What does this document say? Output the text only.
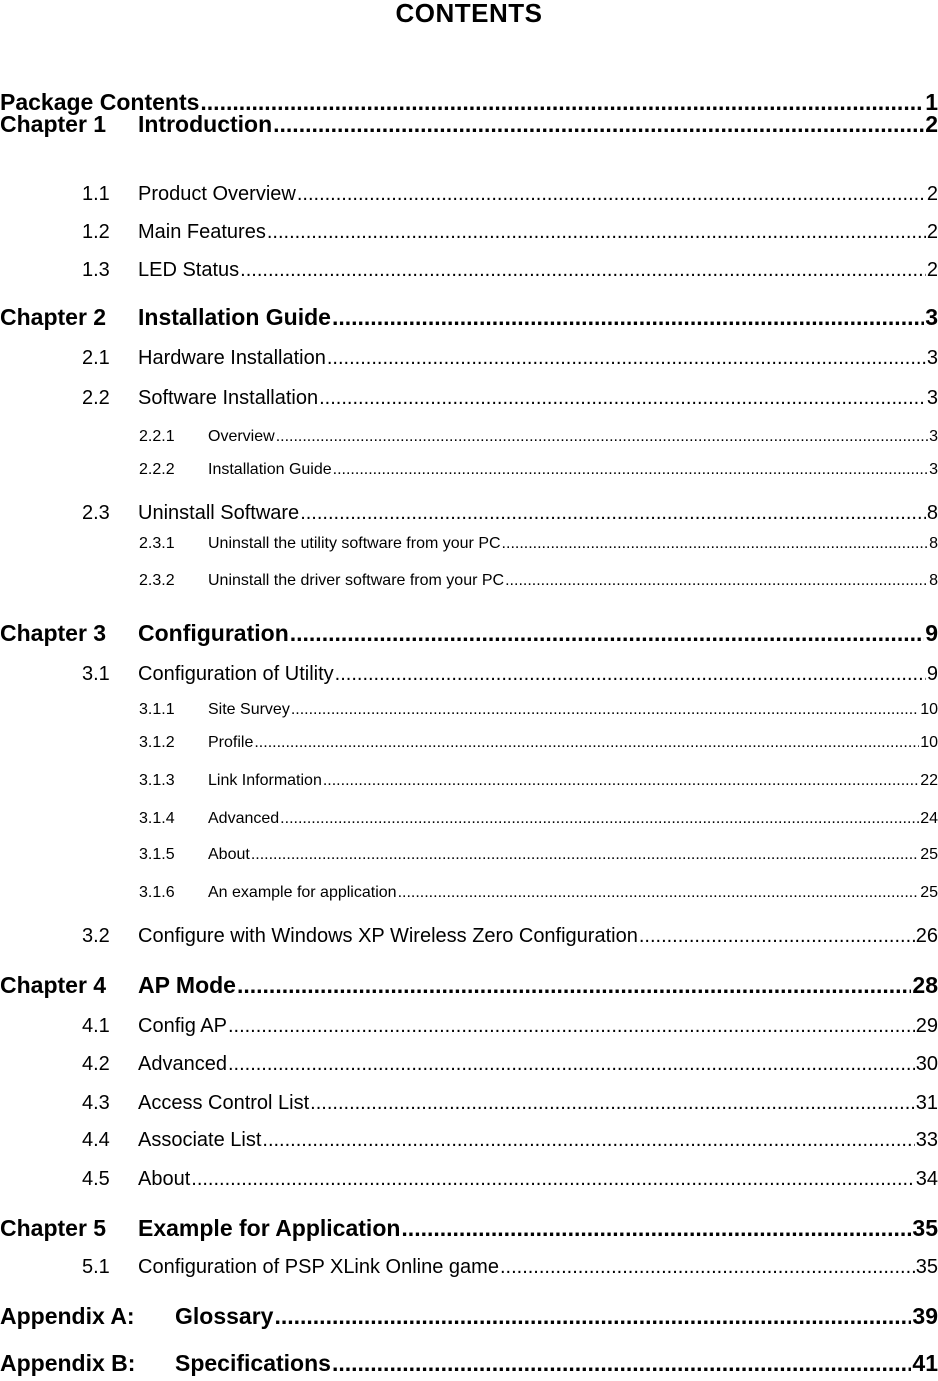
CONTENTS
Package Contents .....	1
Chapter 1	Introduction .....	2
1.1	Product Overview .....	2
1.2	Main Features .....	2
1.3	LED Status .....	2
Chapter 2	Installation Guide .....	3
2.1	Hardware Installation .....	3
2.2	Software Installation .....	3
2.2.1	Overview .....	3
2.2.2	Installation Guide .....	3
2.3	Uninstall Software .....	8
2.3.1	Uninstall the utility software from your PC .....	8
2.3.2	Uninstall the driver software from your PC .....	8
Chapter 3	Configuration .....	9
3.1	Configuration of Utility .....	9
3.1.1	Site Survey .....	10
3.1.2	Profile .....	10
3.1.3	Link Information .....	22
3.1.4	Advanced .....	24
3.1.5	About .....	25
3.1.6	An example for application .....	25
3.2	Configure with Windows XP Wireless Zero Configuration .....	26
Chapter 4	AP Mode .....	28
4.1	Config AP .....	29
4.2	Advanced .....	30
4.3	Access Control List .....	31
4.4	Associate List .....	33
4.5	About .....	34
Chapter 5	Example for Application .....	35
5.1	Configuration of PSP XLink Online game .....	35
Appendix A:	Glossary .....	39
Appendix B:	Specifications .....	41
